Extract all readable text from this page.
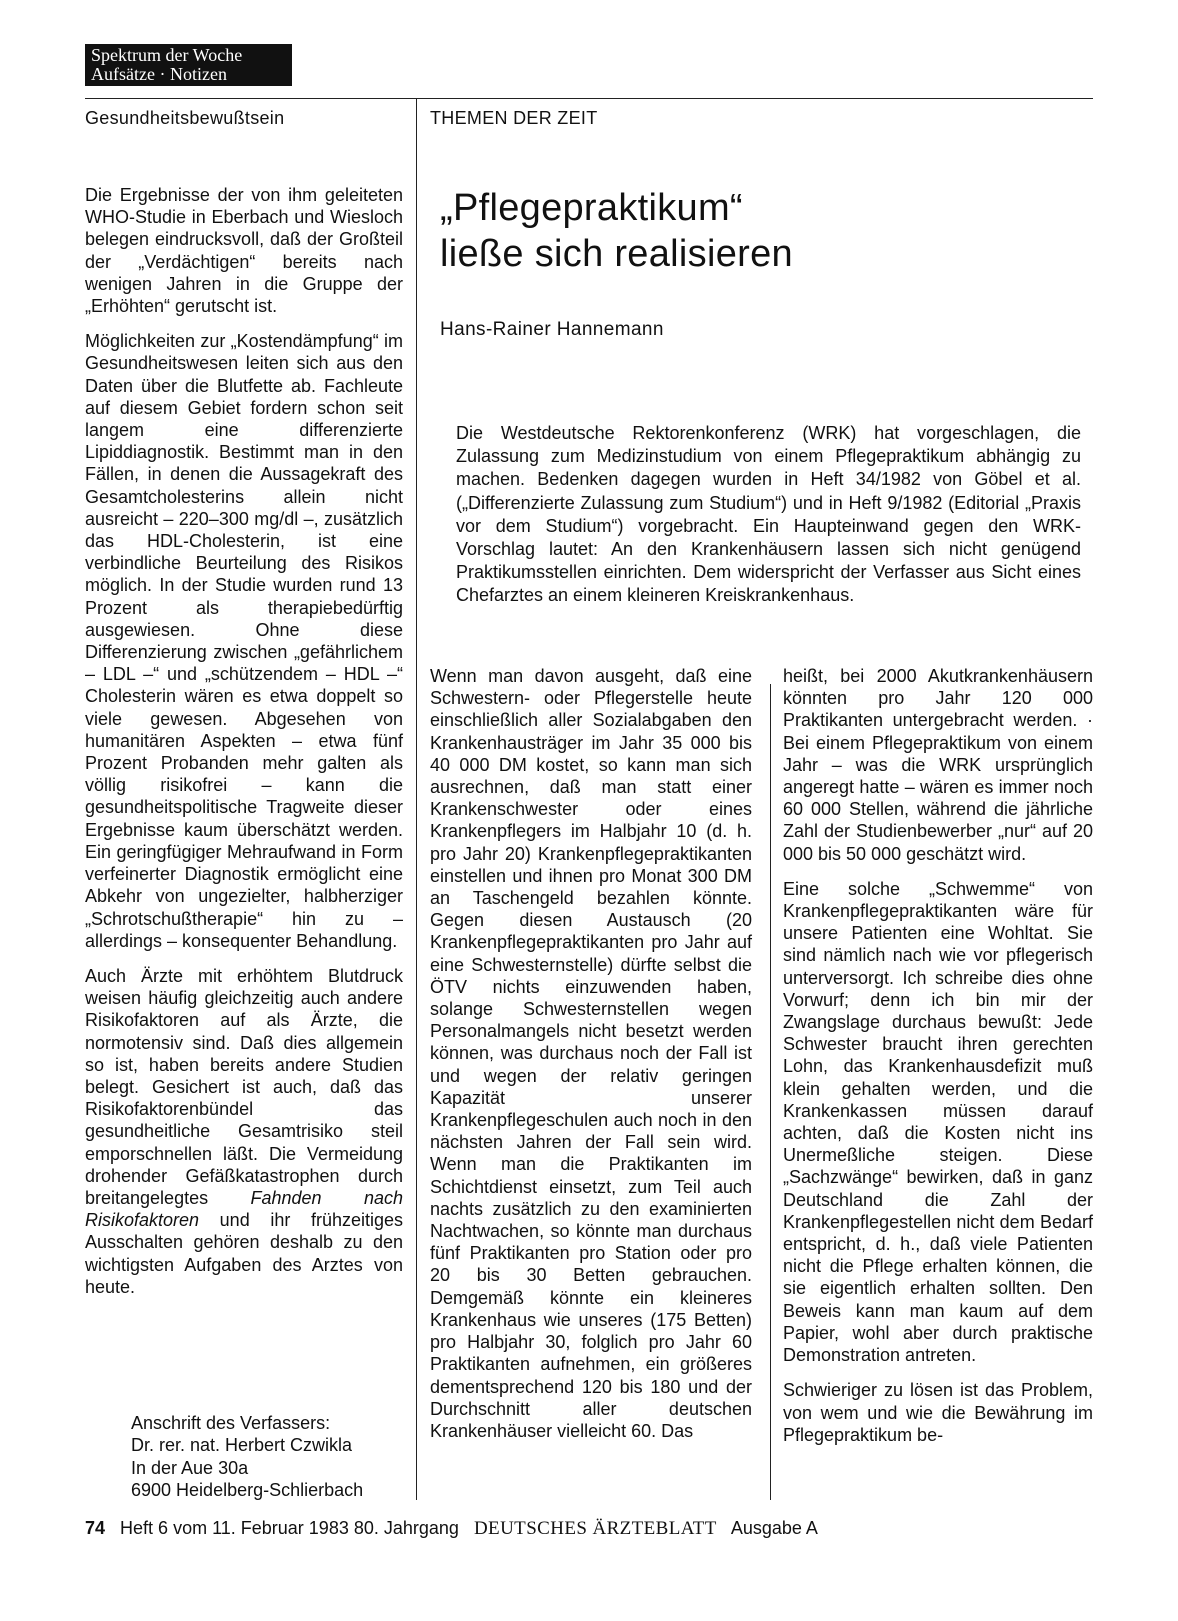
Spektrum der Woche
Aufsätze · Notizen
Gesundheitsbewußtsein	THEMEN DER ZEIT
„Pflegepraktikum“
ließe sich realisieren
Hans-Rainer Hannemann
Die Westdeutsche Rektorenkonferenz (WRK) hat vorgeschlagen, die Zulassung zum Medizinstudium von einem Pflegepraktikum abhängig zu machen. Bedenken dagegen wurden in Heft 34/1982 von Göbel et al. („Differenzierte Zulassung zum Studium“) und in Heft 9/1982 (Editorial „Praxis vor dem Studium“) vorgebracht. Ein Haupteinwand gegen den WRK-Vorschlag lautet: An den Krankenhäusern lassen sich nicht genügend Praktikumsstellen einrichten. Dem widerspricht der Verfasser aus Sicht eines Chefarztes an einem kleineren Kreiskrankenhaus.

Die Ergebnisse der von ihm geleiteten WHO-Studie in Eberbach und Wiesloch belegen eindrucksvoll, daß der Großteil der „Verdächtigen“ bereits nach wenigen Jahren in die Gruppe der „Erhöhten“ gerutscht ist.

Möglichkeiten zur „Kostendämpfung“ im Gesundheitswesen leiten sich aus den Daten über die Blutfette ab. Fachleute auf diesem Gebiet fordern schon seit langem eine differenzierte Lipiddiagnostik. Bestimmt man in den Fällen, in denen die Aussagekraft des Gesamtcholesterins allein nicht ausreicht – 220–300 mg/dl –, zusätzlich das HDL-Cholesterin, ist eine verbindliche Beurteilung des Risikos möglich. In der Studie wurden rund 13 Prozent als therapiebedürftig ausgewiesen. Ohne diese Differenzierung zwischen „gefährlichem – LDL –“ und „schützendem – HDL –“ Cholesterin wären es etwa doppelt so viele gewesen. Abgesehen von humanitären Aspekten – etwa fünf Prozent Probanden mehr galten als völlig risikofrei – kann die gesundheitspolitische Tragweite dieser Ergebnisse kaum überschätzt werden. Ein geringfügiger Mehraufwand in Form verfeinerter Diagnostik ermöglicht eine Abkehr von ungezielter, halbherziger „Schrotschußtherapie“ hin zu – allerdings – konsequenter Behandlung.

Auch Ärzte mit erhöhtem Blutdruck weisen häufig gleichzeitig auch andere Risikofaktoren auf als Ärzte, die normotensiv sind. Daß dies allgemein so ist, haben bereits andere Studien belegt. Gesichert ist auch, daß das Risikofaktorenbündel das gesundheitliche Gesamtrisiko steil emporschnellen läßt. Die Vermeidung drohender Gefäßkatastrophen durch breitangelegtes Fahnden nach Risikofaktoren und ihr frühzeitiges Ausschalten gehören deshalb zu den wichtigsten Aufgaben des Arztes von heute.

Anschrift des Verfassers:
Dr. rer. nat. Herbert Czwikla
In der Aue 30a
6900 Heidelberg-Schlierbach

Wenn man davon ausgeht, daß eine Schwestern- oder Pflegerstelle heute einschließlich aller Sozialabgaben den Krankenhausträger im Jahr 35 000 bis 40 000 DM kostet, so kann man sich ausrechnen, daß man statt einer Krankenschwester oder eines Krankenpflegers im Halbjahr 10 (d. h. pro Jahr 20) Krankenpflegepraktikanten einstellen und ihnen pro Monat 300 DM an Taschengeld bezahlen könnte. Gegen diesen Austausch (20 Krankenpflegepraktikanten pro Jahr auf eine Schwesternstelle) dürfte selbst die ÖTV nichts einzuwenden haben, solange Schwesternstellen wegen Personalmangels nicht besetzt werden können, was durchaus noch der Fall ist und wegen der relativ geringen Kapazität unserer Krankenpflegeschulen auch noch in den nächsten Jahren der Fall sein wird. Wenn man die Praktikanten im Schichtdienst einsetzt, zum Teil auch nachts zusätzlich zu den examinierten Nachtwachen, so könnte man durchaus fünf Praktikanten pro Station oder pro 20 bis 30 Betten gebrauchen. Demgemäß könnte ein kleineres Krankenhaus wie unseres (175 Betten) pro Halbjahr 30, folglich pro Jahr 60 Praktikanten aufnehmen, ein größeres dementsprechend 120 bis 180 und der Durchschnitt aller deutschen Krankenhäuser vielleicht 60. Das

heißt, bei 2000 Akutkrankenhäusern könnten pro Jahr 120 000 Praktikanten untergebracht werden. · Bei einem Pflegepraktikum von einem Jahr – was die WRK ursprünglich angeregt hatte – wären es immer noch 60 000 Stellen, während die jährliche Zahl der Studienbewerber „nur“ auf 20 000 bis 50 000 geschätzt wird.

Eine solche „Schwemme“ von Krankenpflegepraktikanten wäre für unsere Patienten eine Wohltat. Sie sind nämlich nach wie vor pflegerisch unterversorgt. Ich schreibe dies ohne Vorwurf; denn ich bin mir der Zwangslage durchaus bewußt: Jede Schwester braucht ihren gerechten Lohn, das Krankenhausdefizit muß klein gehalten werden, und die Krankenkassen müssen darauf achten, daß die Kosten nicht ins Unermeßliche steigen. Diese „Sachzwänge“ bewirken, daß in ganz Deutschland die Zahl der Krankenpflegestellen nicht dem Bedarf entspricht, d. h., daß viele Patienten nicht die Pflege erhalten können, die sie eigentlich erhalten sollten. Den Beweis kann man kaum auf dem Papier, wohl aber durch praktische Demonstration antreten.

Schwieriger zu lösen ist das Problem, von wem und wie die Bewährung im Pflegepraktikum be-

74 Heft 6 vom 11. Februar 1983 80. Jahrgang DEUTSCHES ÄRZTEBLATT Ausgabe A
